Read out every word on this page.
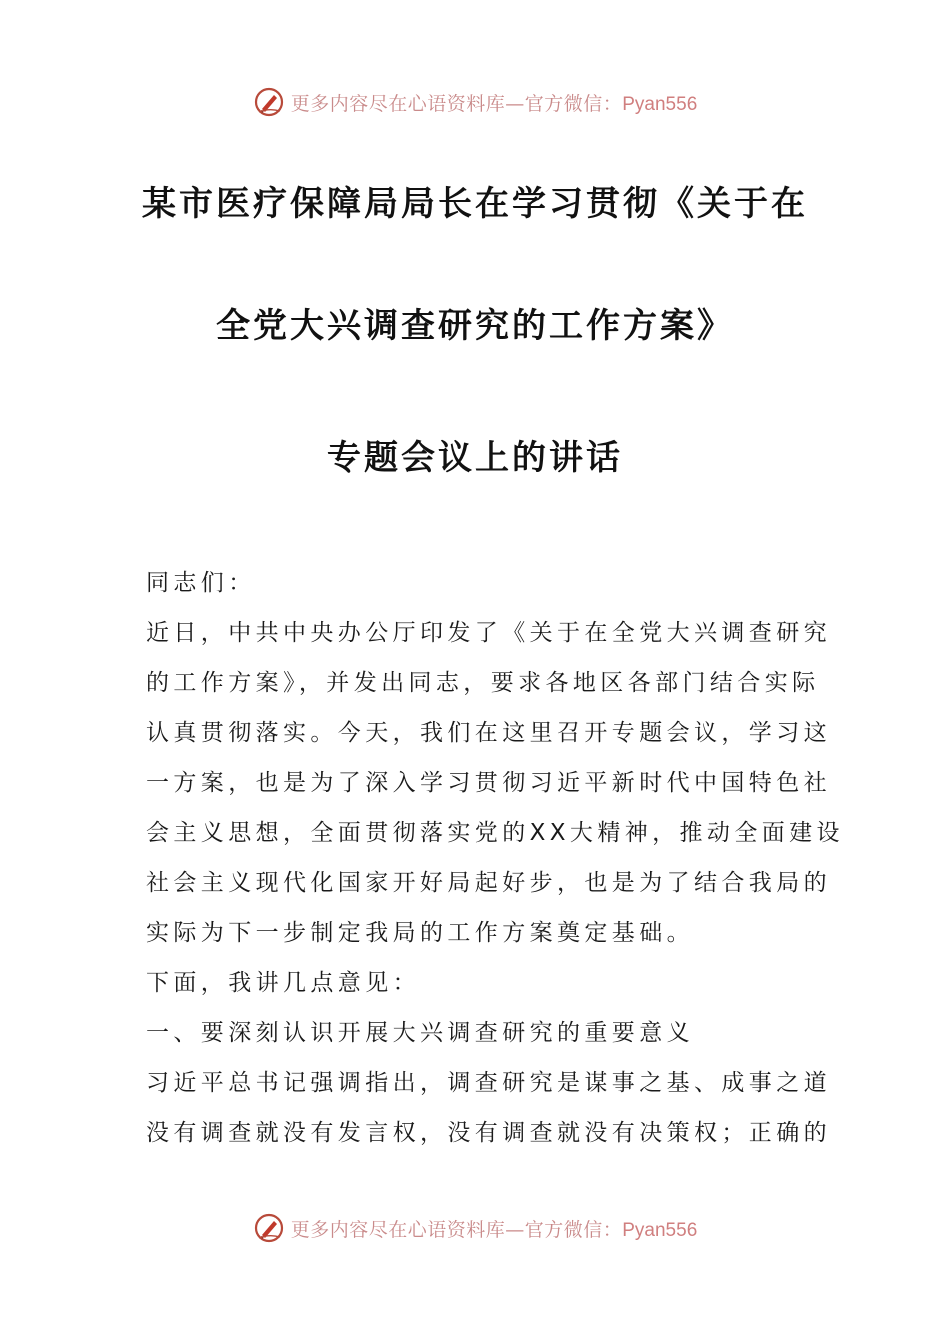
更多内容尽在心语资料库—官方微信：Pyan556
某市医疗保障局局长在学习贯彻《关于在
全党大兴调查研究的工作方案》
专题会议上的讲话
同志们：
近日，中共中央办公厅印发了《关于在全党大兴调查研究
的工作方案》，并发出同志，要求各地区各部门结合实际
认真贯彻落实。今天，我们在这里召开专题会议，学习这
一方案，也是为了深入学习贯彻习近平新时代中国特色社
会主义思想，全面贯彻落实党的XX大精神，推动全面建设
社会主义现代化国家开好局起好步，也是为了结合我局的
实际为下一步制定我局的工作方案奠定基础。
下面，我讲几点意见：
一、要深刻认识开展大兴调查研究的重要意义
习近平总书记强调指出，调查研究是谋事之基、成事之道
没有调查就没有发言权，没有调查就没有决策权；正确的
更多内容尽在心语资料库—官方微信：Pyan556
